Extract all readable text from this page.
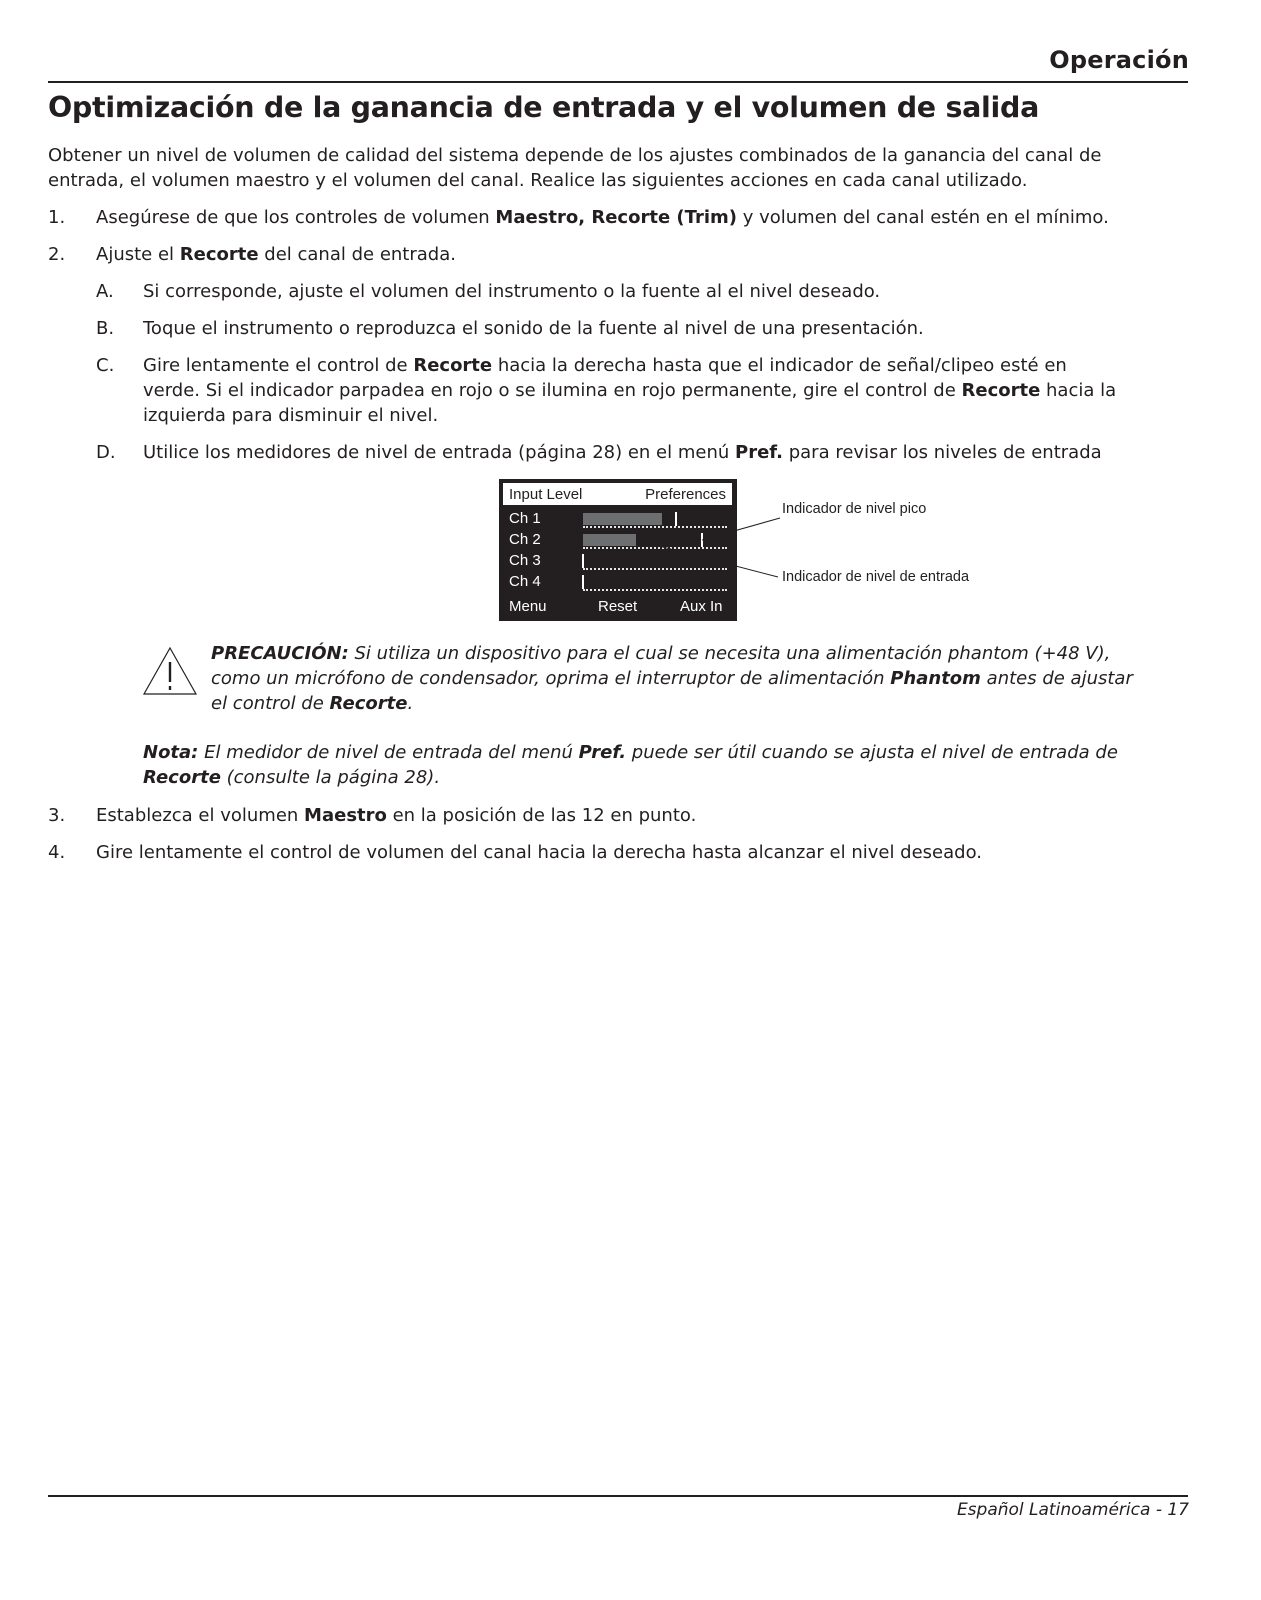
Operación
Optimización de la ganancia de entrada y el volumen de salida
Obtener un nivel de volumen de calidad del sistema depende de los ajustes combinados de la ganancia del canal de
entrada, el volumen maestro y el volumen del canal. Realice las siguientes acciones en cada canal utilizado.
1. Asegúrese de que los controles de volumen Maestro, Recorte (Trim) y volumen del canal estén en el mínimo.
2. Ajuste el Recorte del canal de entrada.
A. Si corresponde, ajuste el volumen del instrumento o la fuente al el nivel deseado.
B. Toque el instrumento o reproduzca el sonido de la fuente al nivel de una presentación.
C. Gire lentamente el control de Recorte hacia la derecha hasta que el indicador de señal/clipeo esté en
verde. Si el indicador parpadea en rojo o se ilumina en rojo permanente, gire el control de Recorte hacia la
izquierda para disminuir el nivel.
D. Utilice los medidores de nivel de entrada (página 28) en el menú Pref. para revisar los niveles de entrada
Input Level	Preferences
Ch 1
Ch 2
Ch 3
Ch 4
Menu	Reset	Aux In
Indicador de nivel pico
Indicador de nivel de entrada
PRECAUCIÓN: Si utiliza un dispositivo para el cual se necesita una alimentación phantom (+48 V),
como un micrófono de condensador, oprima el interruptor de alimentación Phantom antes de ajustar
el control de Recorte.
Nota: El medidor de nivel de entrada del menú Pref. puede ser útil cuando se ajusta el nivel de entrada de
Recorte (consulte la página 28).
3. Establezca el volumen Maestro en la posición de las 12 en punto.
4. Gire lentamente el control de volumen del canal hacia la derecha hasta alcanzar el nivel deseado.
Español Latinoamérica - 17
